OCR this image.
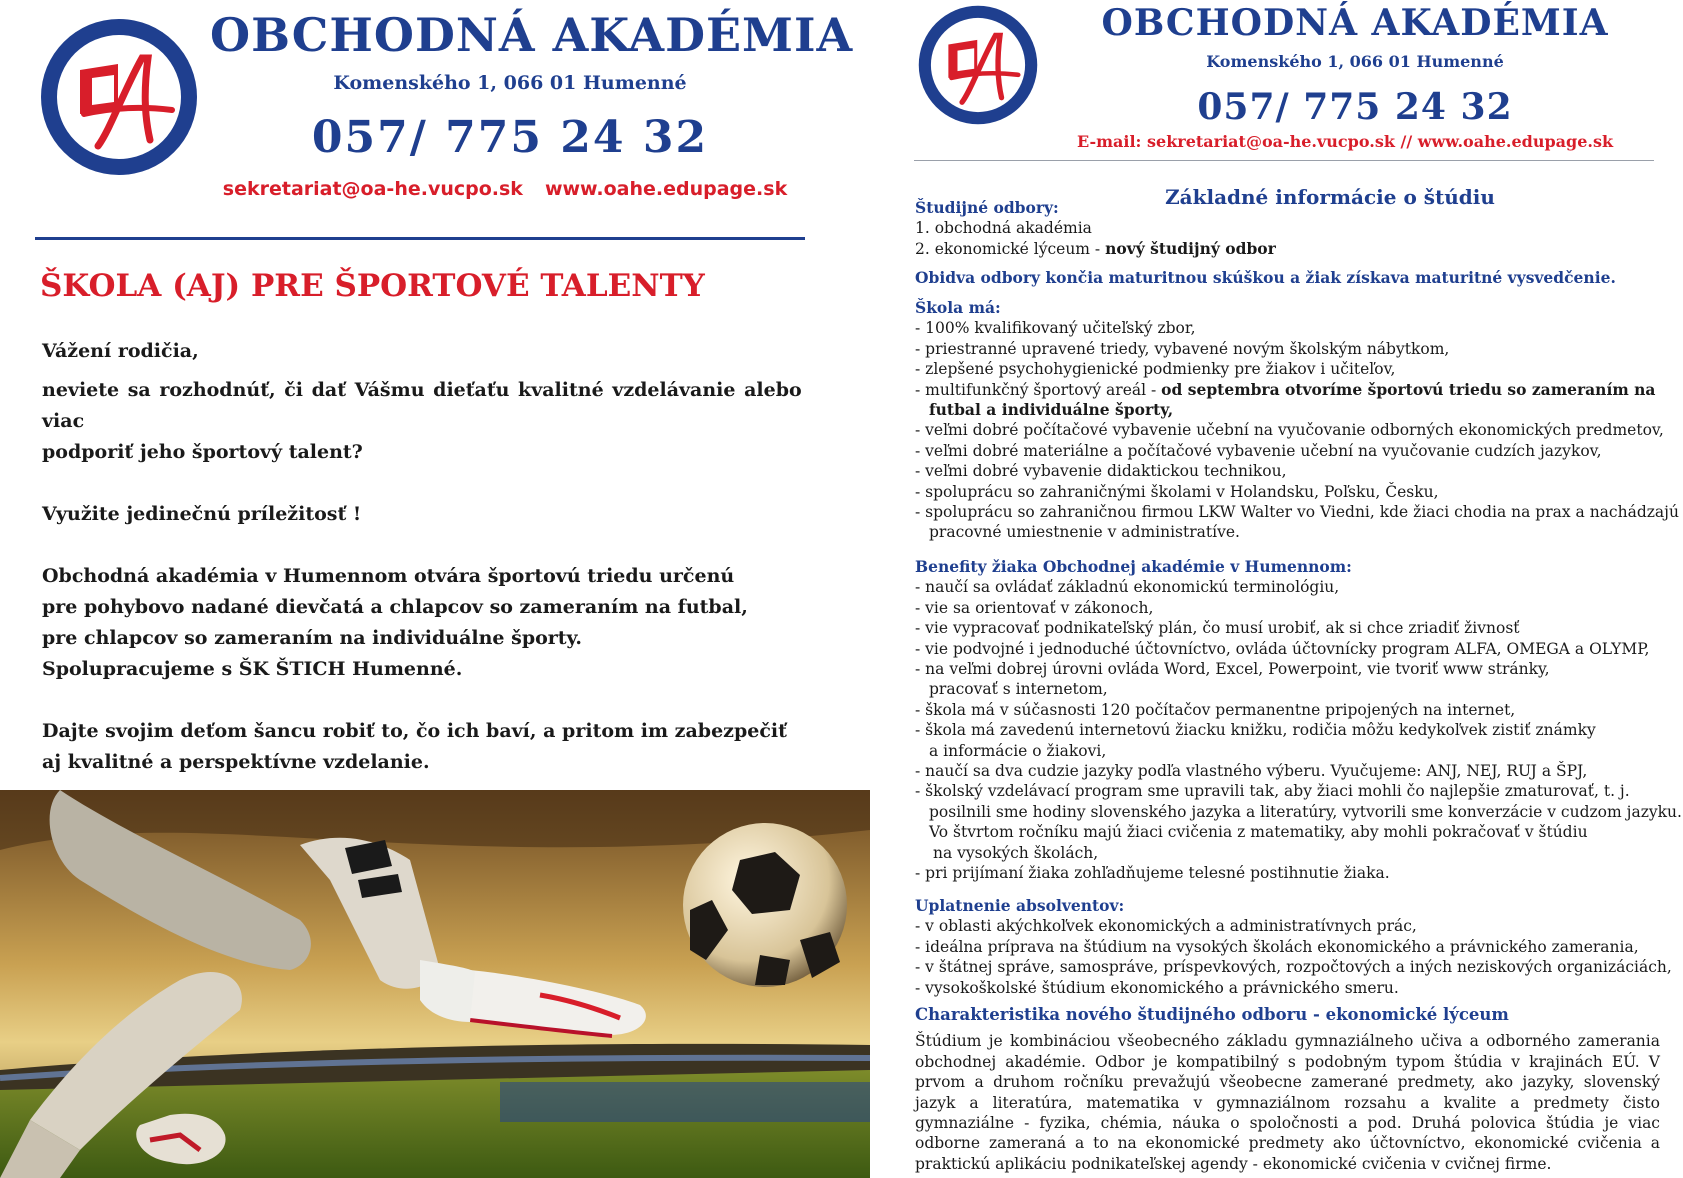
OBCHODNÁ AKADÉMIA
Komenského 1, 066 01 Humenné
057/ 775 24 32
sekretariat@oa-he.vucpo.sk www.oahe.edupage.sk
ŠKOLA (AJ) PRE ŠPORTOVÉ TALENTY

Vážení rodičia,

neviete sa rozhodnúť, či dať Vášmu dieťaťu kvalitné vzdelávanie alebo viac

podporiť jeho športový talent?

Využite jedinečnú príležitosť !

Obchodná akadémia v Humennom otvára športovú triedu určenú

pre pohybovo nadané dievčatá a chlapcov so zameraním na futbal,

pre chlapcov so zameraním na individuálne športy.

Spolupracujeme s ŠK ŠTICH Humenné.

Dajte svojim deťom šancu robiť to, čo ich baví, a pritom im zabezpečiť

aj kvalitné a perspektívne vzdelanie.

OBCHODNÁ AKADÉMIA
Komenského 1, 066 01 Humenné
057/ 775 24 32
E-mail: sekretariat@oa-he.vucpo.sk // www.oahe.edupage.sk
Základné informácie o štúdiu
Študijné odbory:
1. obchodná akadémia
2. ekonomické lýceum - nový študijný odbor
Obidva odbory končia maturitnou skúškou a žiak získava maturitné vysvedčenie.
Škola má:
- 100% kvalifikovaný učiteľský zbor,
- priestranné upravené triedy, vybavené novým školským nábytkom,
- zlepšené psychohygienické podmienky pre žiakov i učiteľov,
- multifunkčný športový areál - od septembra otvoríme športovú triedu so zameraním na
futbal a individuálne športy,
- veľmi dobré počítačové vybavenie učební na vyučovanie odborných ekonomických predmetov,
- veľmi dobré materiálne a počítačové vybavenie učební na vyučovanie cudzích jazykov,
- veľmi dobré vybavenie didaktickou technikou,
- spoluprácu so zahraničnými školami v Holandsku, Poľsku, Česku,
- spoluprácu so zahraničnou firmou LKW Walter vo Viedni, kde žiaci chodia na prax a nachádzajú
pracovné umiestnenie v administratíve.
Benefity žiaka Obchodnej akadémie v Humennom:
- naučí sa ovládať základnú ekonomickú terminológiu,
- vie sa orientovať v zákonoch,
- vie vypracovať podnikateľský plán, čo musí urobiť, ak si chce zriadiť živnosť
- vie podvojné i jednoduché účtovníctvo, ovláda účtovnícky program ALFA, OMEGA a OLYMP,
- na veľmi dobrej úrovni ovláda Word, Excel, Powerpoint, vie tvoriť www stránky,
pracovať s internetom,
- škola má v súčasnosti 120 počítačov permanentne pripojených na internet,
- škola má zavedenú internetovú žiacku knižku, rodičia môžu kedykoľvek zistiť známky
a informácie o žiakovi,
- naučí sa dva cudzie jazyky podľa vlastného výberu. Vyučujeme: ANJ, NEJ, RUJ a ŠPJ,
- školský vzdelávací program sme upravili tak, aby žiaci mohli čo najlepšie zmaturovať, t. j.
posilnili sme hodiny slovenského jazyka a literatúry, vytvorili sme konverzácie v cudzom jazyku.
Vo štvrtom ročníku majú žiaci cvičenia z matematiky, aby mohli pokračovať v štúdiu
na vysokých školách,
- pri prijímaní žiaka zohľadňujeme telesné postihnutie žiaka.
Uplatnenie absolventov:
- v oblasti akýchkoľvek ekonomických a administratívnych prác,
- ideálna príprava na štúdium na vysokých školách ekonomického a právnického zamerania,
- v štátnej správe, samospráve, príspevkových, rozpočtových a iných neziskových organizáciách,
- vysokoškolské štúdium ekonomického a právnického smeru.
Charakteristika nového študijného odboru - ekonomické lýceum
Štúdium je kombináciou všeobecného základu gymnaziálneho učiva a odborného zamerania obchodnej akadémie. Odbor je kompatibilný s podobným typom štúdia v krajinách EÚ. V prvom a druhom ročníku prevažujú všeobecne zamerané predmety, ako jazyky, slovenský jazyk a literatúra, matematika v gymnaziálnom rozsahu a kvalite a predmety čisto gymnaziálne - fyzika, chémia, náuka o spoločnosti a pod. Druhá polovica štúdia je viac odborne zameraná a to na ekonomické predmety ako účtovníctvo, ekonomické cvičenia a praktickú aplikáciu podnikateľskej agendy - ekonomické cvičenia v cvičnej firme.
